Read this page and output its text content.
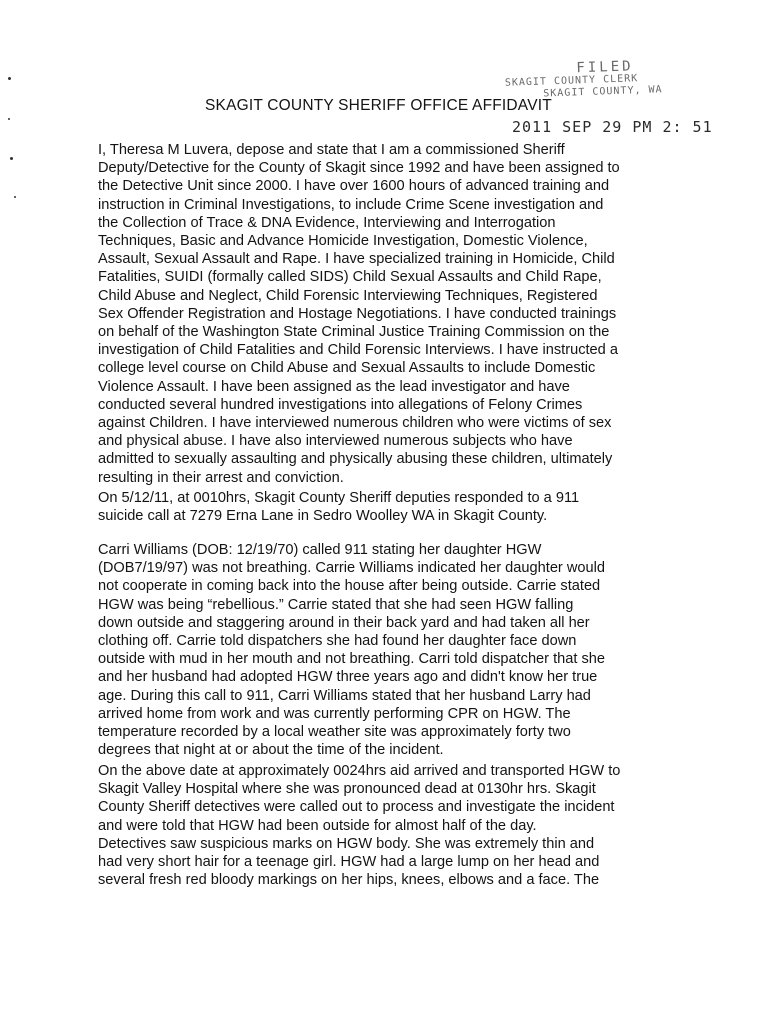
FILED
SKAGIT COUNTY CLERK
SKAGIT COUNTY, WA
2011 SEP 29 PM 2: 51
SKAGIT COUNTY SHERIFF OFFICE AFFIDAVIT

I, Theresa M Luvera, depose and state that I am a commissioned Sheriff
Deputy/Detective for the County of Skagit since 1992 and have been assigned to
the Detective Unit since 2000. I have over 1600 hours of advanced training and
instruction in Criminal Investigations, to include Crime Scene investigation and
the Collection of Trace & DNA Evidence, Interviewing and Interrogation
Techniques, Basic and Advance Homicide Investigation, Domestic Violence,
Assault, Sexual Assault and Rape. I have specialized training in Homicide, Child
Fatalities, SUIDI (formally called SIDS) Child Sexual Assaults and Child Rape,
Child Abuse and Neglect, Child Forensic Interviewing Techniques, Registered
Sex Offender Registration and Hostage Negotiations. I have conducted trainings
on behalf of the Washington State Criminal Justice Training Commission on the
investigation of Child Fatalities and Child Forensic Interviews. I have instructed a
college level course on Child Abuse and Sexual Assaults to include Domestic
Violence Assault. I have been assigned as the lead investigator and have
conducted several hundred investigations into allegations of Felony Crimes
against Children. I have interviewed numerous children who were victims of sex
and physical abuse. I have also interviewed numerous subjects who have
admitted to sexually assaulting and physically abusing these children, ultimately
resulting in their arrest and conviction.

On 5/12/11, at 0010hrs, Skagit County Sheriff deputies responded to a 911
suicide call at 7279 Erna Lane in Sedro Woolley WA in Skagit County.

Carri Williams (DOB: 12/19/70) called 911 stating her daughter HGW
(DOB7/19/97) was not breathing. Carrie Williams indicated her daughter would
not cooperate in coming back into the house after being outside. Carrie stated
HGW was being “rebellious.” Carrie stated that she had seen HGW falling
down outside and staggering around in their back yard and had taken all her
clothing off. Carrie told dispatchers she had found her daughter face down
outside with mud in her mouth and not breathing. Carri told dispatcher that she
and her husband had adopted HGW three years ago and didn't know her true
age. During this call to 911, Carri Williams stated that her husband Larry had
arrived home from work and was currently performing CPR on HGW. The
temperature recorded by a local weather site was approximately forty two
degrees that night at or about the time of the incident.

On the above date at approximately 0024hrs aid arrived and transported HGW to
Skagit Valley Hospital where she was pronounced dead at 0130hr hrs. Skagit
County Sheriff detectives were called out to process and investigate the incident
and were told that HGW had been outside for almost half of the day.
Detectives saw suspicious marks on HGW body. She was extremely thin and
had very short hair for a teenage girl. HGW had a large lump on her head and
several fresh red bloody markings on her hips, knees, elbows and a face. The
